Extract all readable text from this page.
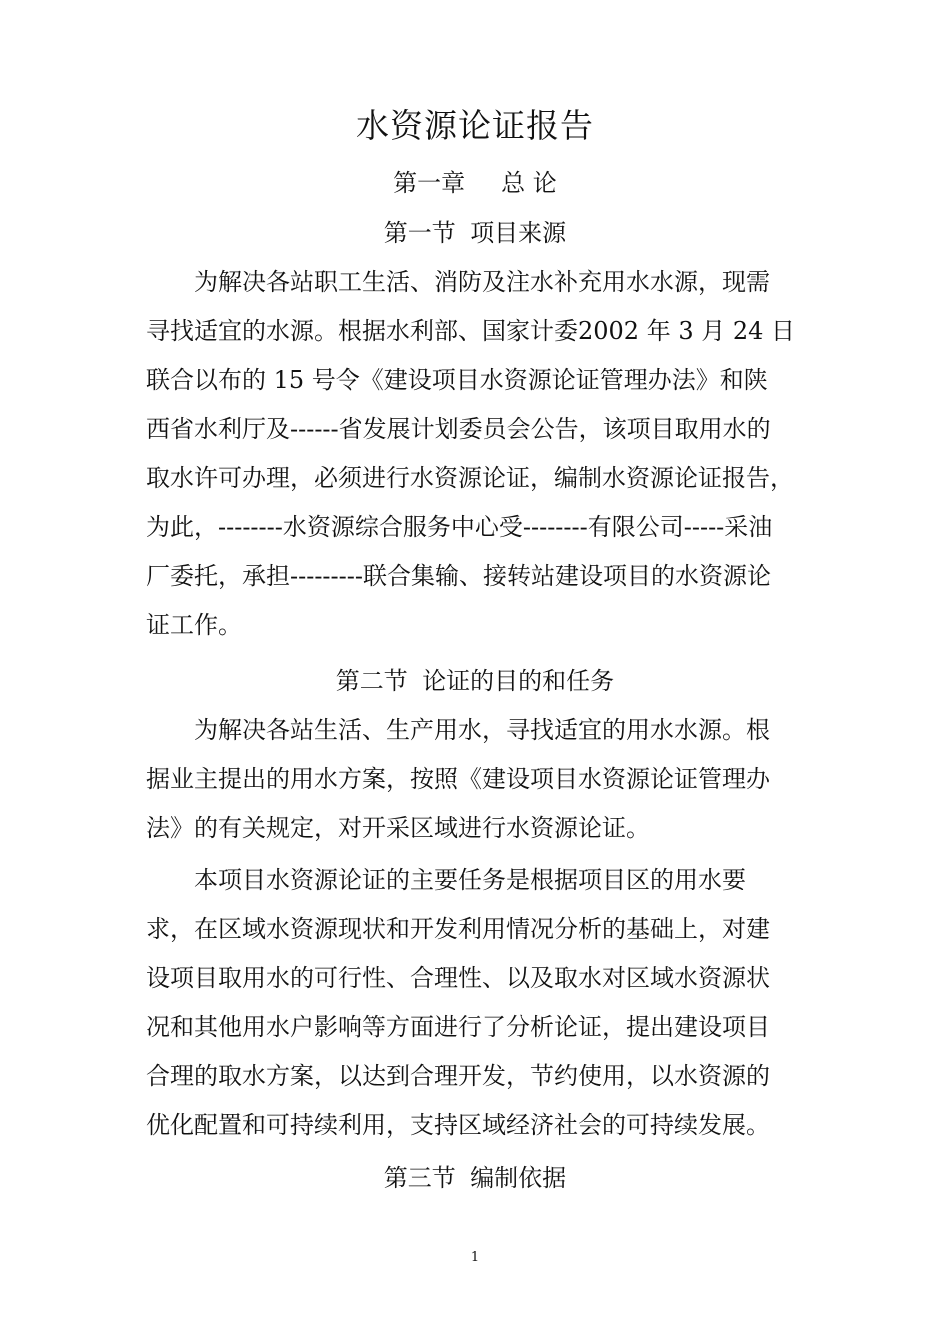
水资源论证报告
第一章 总 论
第一节 项目来源
为解决各站职工生活、消防及注水补充用水水源，现需
寻找适宜的水源。根据水利部、国家计委2002 年 3 月 24 日
联合以布的 15 号令《建设项目水资源论证管理办法》和陕
西省水利厅及------省发展计划委员会公告，该项目取用水的
取水许可办理，必须进行水资源论证，编制水资源论证报告，
为此，--------水资源综合服务中心受--------有限公司-----采油
厂委托，承担---------联合集输、接转站建设项目的水资源论
证工作。
第二节 论证的目的和任务
为解决各站生活、生产用水，寻找适宜的用水水源。根
据业主提出的用水方案，按照《建设项目水资源论证管理办
法》的有关规定，对开采区域进行水资源论证。
本项目水资源论证的主要任务是根据项目区的用水要
求，在区域水资源现状和开发利用情况分析的基础上，对建
设项目取用水的可行性、合理性、以及取水对区域水资源状
况和其他用水户影响等方面进行了分析论证，提出建设项目
合理的取水方案，以达到合理开发，节约使用，以水资源的
优化配置和可持续利用，支持区域经济社会的可持续发展。
第三节 编制依据
1
